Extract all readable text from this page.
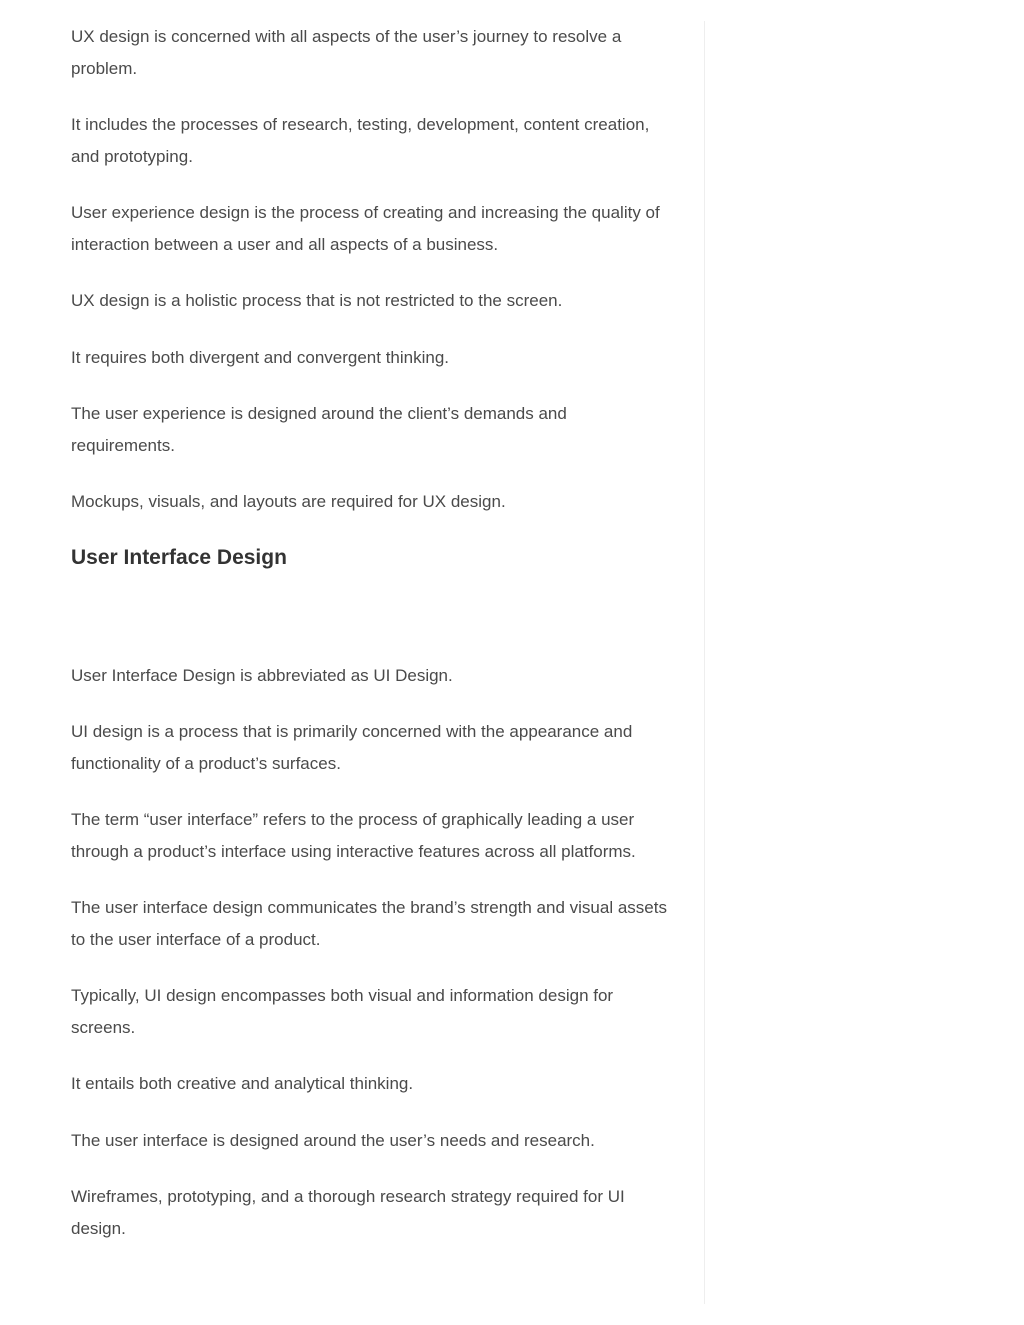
UX design is concerned with all aspects of the user’s journey to resolve a problem.

It includes the processes of research, testing, development, content creation, and prototyping.

User experience design is the process of creating and increasing the quality of interaction between a user and all aspects of a business.

UX design is a holistic process that is not restricted to the screen.

It requires both divergent and convergent thinking.

The user experience is designed around the client’s demands and requirements.

Mockups, visuals, and layouts are required for UX design.

User Interface Design

User Interface Design is abbreviated as UI Design.

UI design is a process that is primarily concerned with the appearance and functionality of a product’s surfaces.

The term “user interface” refers to the process of graphically leading a user through a product’s interface using interactive features across all platforms.

The user interface design communicates the brand’s strength and visual assets to the user interface of a product.

Typically, UI design encompasses both visual and information design for screens.

It entails both creative and analytical thinking.

The user interface is designed around the user’s needs and research.

Wireframes, prototyping, and a thorough research strategy required for UI design.
